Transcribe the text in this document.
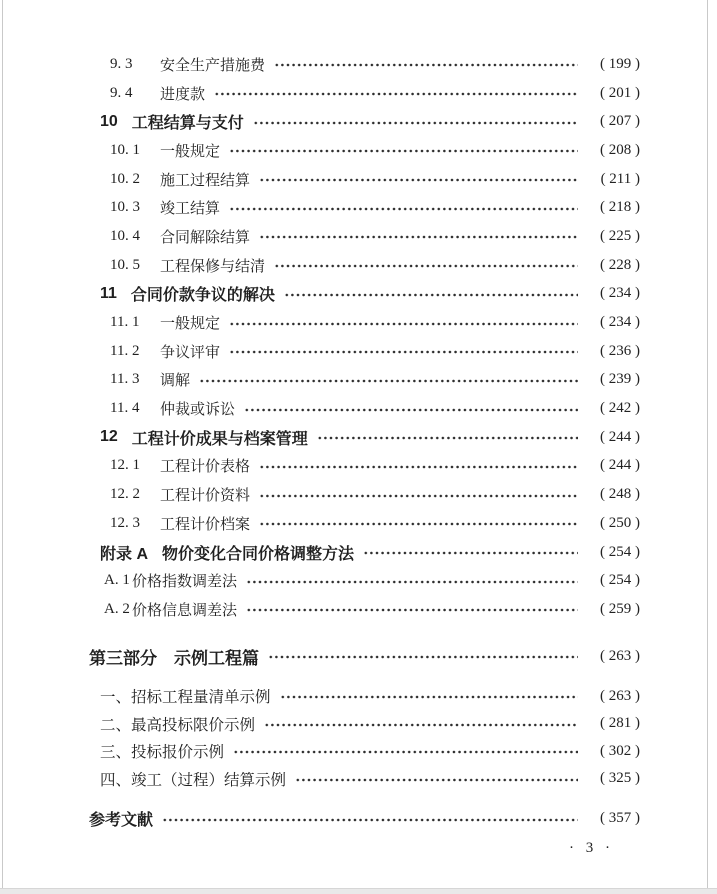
9. 3	安全生产措施费	( 199 )
9. 4	进度款	( 201 )
10 工程结算与支付	( 207 )
10. 1	一般规定	( 208 )
10. 2	施工过程结算	( 211 )
10. 3	竣工结算	( 218 )
10. 4	合同解除结算	( 225 )
10. 5	工程保修与结清	( 228 )
11 合同价款争议的解决	( 234 )
11. 1	一般规定	( 234 )
11. 2	争议评审	( 236 )
11. 3	调解	( 239 )
11. 4	仲裁或诉讼	( 242 )
12 工程计价成果与档案管理	( 244 )
12. 1	工程计价表格	( 244 )
12. 2	工程计价资料	( 248 )
12. 3	工程计价档案	( 250 )
附录 A 物价变化合同价格调整方法	( 254 )
A. 1 价格指数调差法	( 254 )
A. 2 价格信息调差法	( 259 )
第三部分 示例工程篇	( 263 )
一、 招标工程量清单示例	( 263 )
二、 最高投标限价示例	( 281 )
三、 投标报价示例	( 302 )
四、 竣工（过程）结算示例	( 325 )
参考文献	( 357 )
· 3 ·
